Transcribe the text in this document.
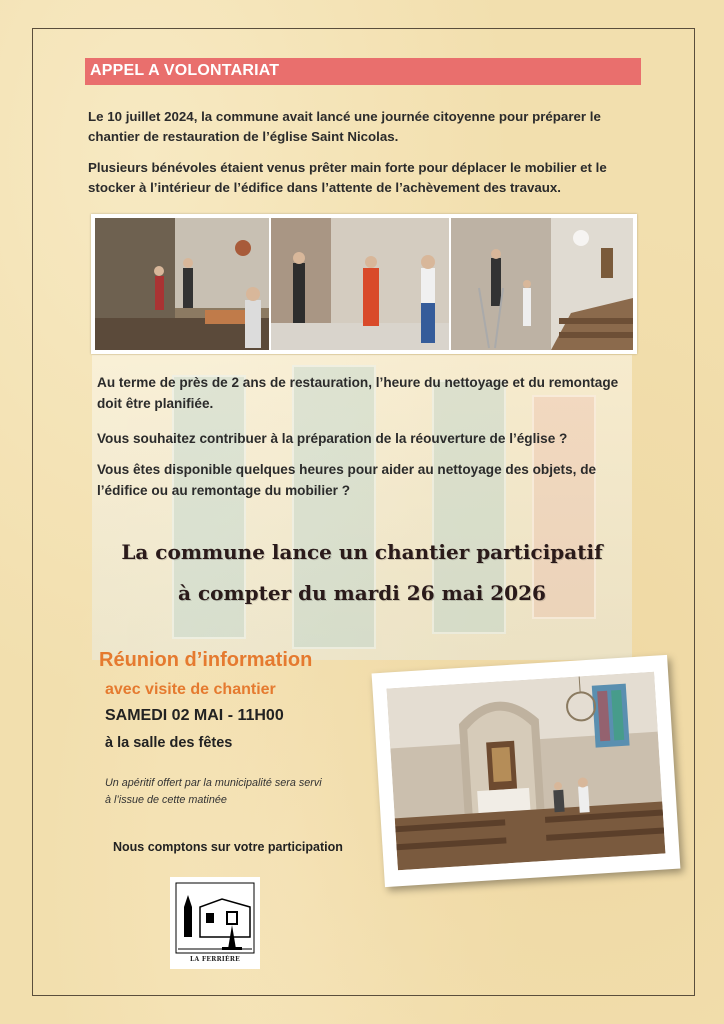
APPEL A VOLONTARIAT
Le 10 juillet 2024, la commune avait lancé une journée citoyenne pour préparer le chantier de restauration de l’église Saint Nicolas.
Plusieurs bénévoles étaient venus prêter main forte pour déplacer le mobilier et le stocker à l’intérieur de l’édifice dans l’attente de l’achèvement des travaux.
Au terme de près de 2 ans de restauration, l’heure du nettoyage et du remontage doit être planifiée.
Vous souhaitez contribuer à la préparation de la réouverture de l’église ?
Vous êtes disponible quelques heures pour aider au nettoyage des objets, de l’édifice ou au remontage du mobilier ?
La commune lance un chantier participatif
à compter du mardi 26 mai 2026
Réunion d’information
avec visite de chantier
SAMEDI 02 MAI - 11H00
à la salle des fêtes
Un apéritif offert par la municipalité sera servi
à l’issue de cette matinée
Nous comptons sur votre participation
LA FERRIÈRE
